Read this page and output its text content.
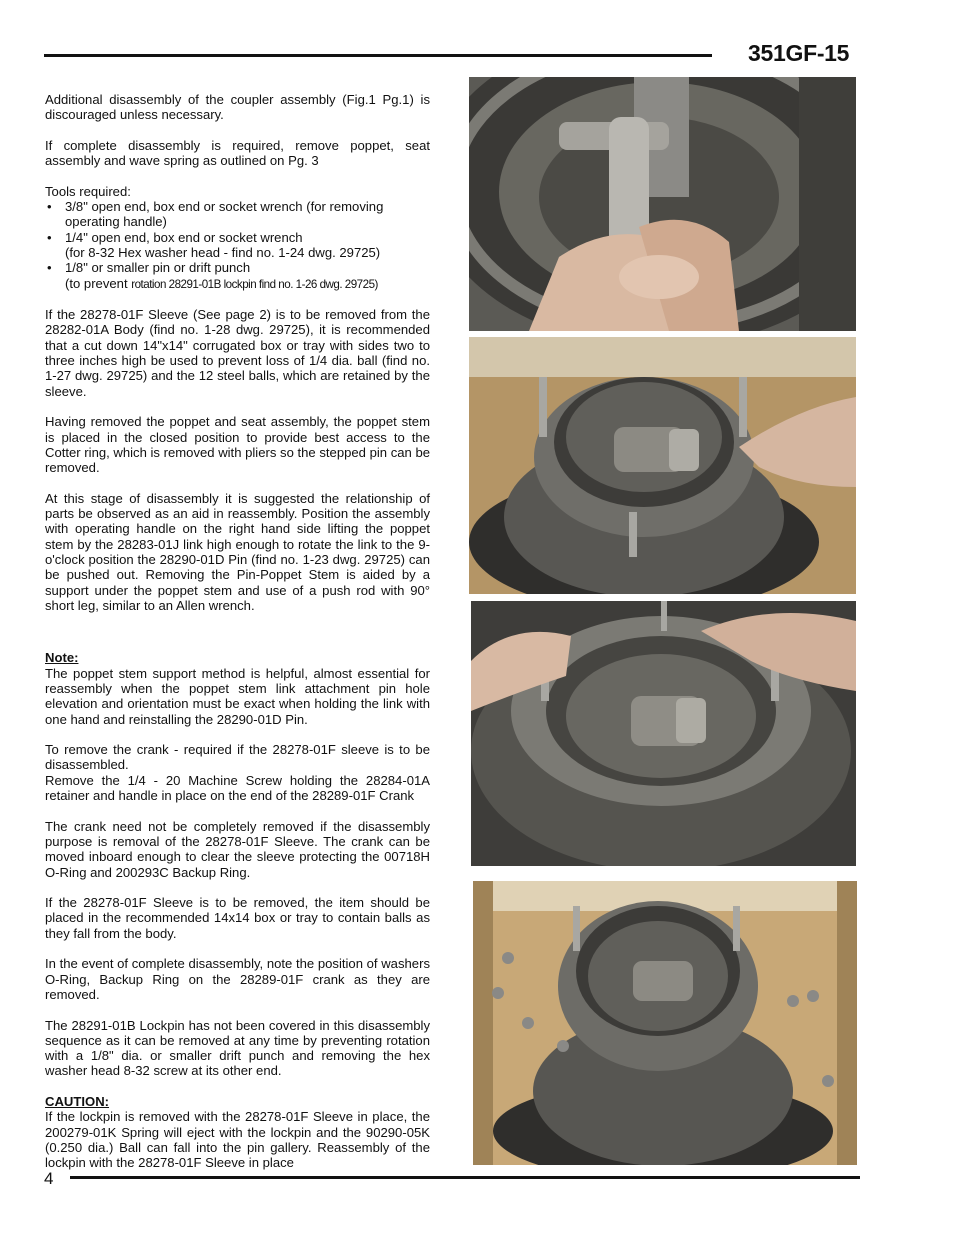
351GF-15

Additional disassembly of the coupler assembly (Fig.1 Pg.1) is discouraged unless necessary.

If complete disassembly is required, remove poppet, seat assembly and wave spring as outlined on Pg. 3

Tools required:
• 3/8" open end, box end or socket wrench (for removing
operating handle)
• 1/4" open end, box end or socket wrench
(for 8-32 Hex washer head - find no. 1-24 dwg. 29725)
• 1/8" or smaller pin or drift punch
(to prevent rotation 28291-01B lockpin find no. 1-26 dwg. 29725)

If the 28278-01F Sleeve (See page 2) is to be removed from the 28282-01A Body (find no. 1-28 dwg. 29725), it is recommended that a cut down 14"x14" corrugated box or tray with sides two to three inches high be used to prevent loss of 1/4 dia. ball (find no. 1-27 dwg. 29725) and the 12 steel balls, which are retained by the sleeve.

Having removed the poppet and seat assembly, the poppet stem is placed in the closed position to provide best access to the Cotter ring, which is removed with pliers so the stepped pin can be removed.

At this stage of disassembly it is suggested the relationship of parts be observed as an aid in reassembly. Position the assembly with operating handle on the right hand side lifting the poppet stem by the 28283-01J link high enough to rotate the link to the 9-o'clock position the 28290-01D Pin (find no. 1-23 dwg. 29725) can be pushed out. Removing the Pin-Poppet Stem is aided by a support under the poppet stem and use of a push rod with 90° short leg, similar to an Allen wrench.

Note:
The poppet stem support method is helpful, almost essential for reassembly when the poppet stem link attachment pin hole elevation and orientation must be exact when holding the link with one hand and reinstalling the 28290-01D Pin.

To remove the crank - required if the 28278-01F sleeve is to be disassembled.
Remove the 1/4 - 20 Machine Screw holding the 28284-01A retainer and handle in place on the end of the 28289-01F Crank

The crank need not be completely removed if the disassembly purpose is removal of the 28278-01F Sleeve. The crank can be moved inboard enough to clear the sleeve protecting the 00718H O-Ring and 200293C Backup Ring.

If the 28278-01F Sleeve is to be removed, the item should be placed in the recommended 14x14 box or tray to contain balls as they fall from the body.

In the event of complete disassembly, note the position of washers O-Ring, Backup Ring on the 28289-01F crank as they are removed.

The 28291-01B Lockpin has not been covered in this disassembly sequence as it can be removed at any time by preventing rotation with a 1/8" dia. or smaller drift punch and removing the hex washer head 8-32 screw at its other end.

CAUTION:
If the lockpin is removed with the 28278-01F Sleeve in place, the 200279-01K Spring will eject with the lockpin and the 90290-05K (0.250 dia.) Ball can fall into the pin gallery. Reassembly of the lockpin with the 28278-01F Sleeve in place

4
